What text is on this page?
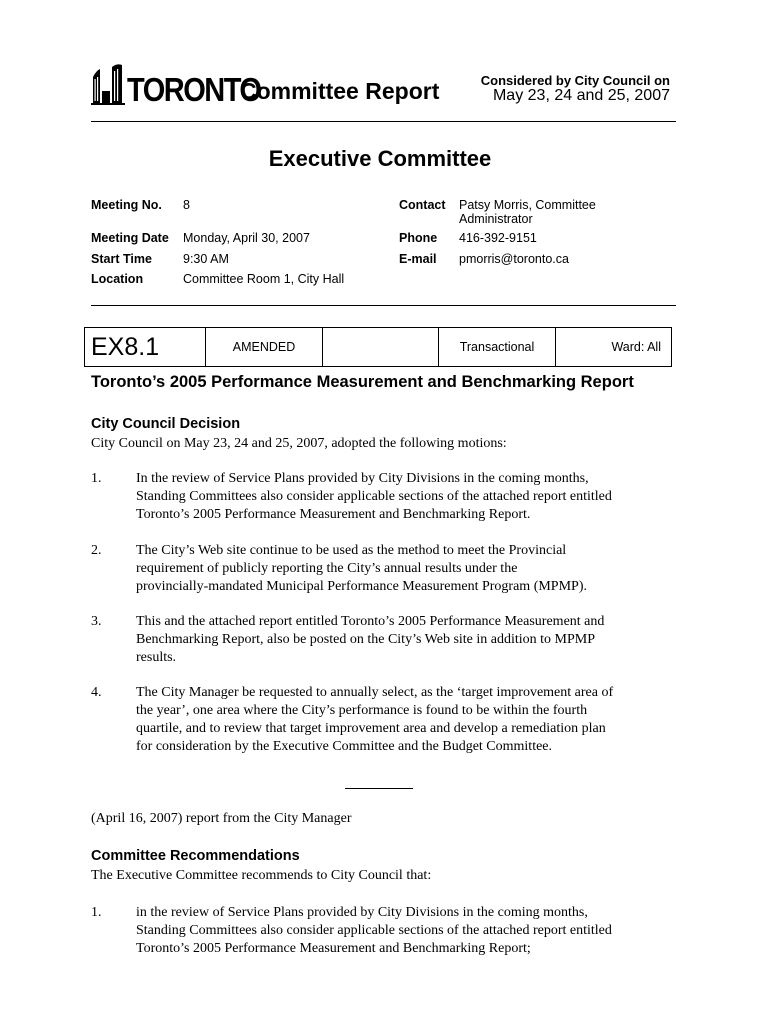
TORONTO
Committee Report	Considered by City Council on
May 23, 24 and 25, 2007
Executive Committee
Meeting No. 8
Meeting Date Monday, April 30, 2007
Start Time 9:30 AM
Location	Committee Room 1, City Hall
Contact Patsy Morris, Committee
Administrator
Phone 416-392-9151
E-mail pmorris@toronto.ca
EX8.1	AMENDED	Transactional	Ward: All
Toronto’s 2005 Performance Measurement and Benchmarking Report
City Council Decision
City Council on May 23, 24 and 25, 2007, adopted the following motions:
1. In the review of Service Plans provided by City Divisions in the coming months,
Standing Committees also consider applicable sections of the attached report entitled
Toronto’s 2005 Performance Measurement and Benchmarking Report.
2. The City’s Web site continue to be used as the method to meet the Provincial
requirement of publicly reporting the City’s annual results under the
provincially-mandated Municipal Performance Measurement Program (MPMP).
3. This and the attached report entitled Toronto’s 2005 Performance Measurement and
Benchmarking Report, also be posted on the City’s Web site in addition to MPMP
results.
4. The City Manager be requested to annually select, as the ‘target improvement area of
the year’, one area where the City’s performance is found to be within the fourth
quartile, and to review that target improvement area and develop a remediation plan
for consideration by the Executive Committee and the Budget Committee.
(April 16, 2007) report from the City Manager
Committee Recommendations
The Executive Committee recommends to City Council that:
1. in the review of Service Plans provided by City Divisions in the coming months,
Standing Committees also consider applicable sections of the attached report entitled
Toronto’s 2005 Performance Measurement and Benchmarking Report;
